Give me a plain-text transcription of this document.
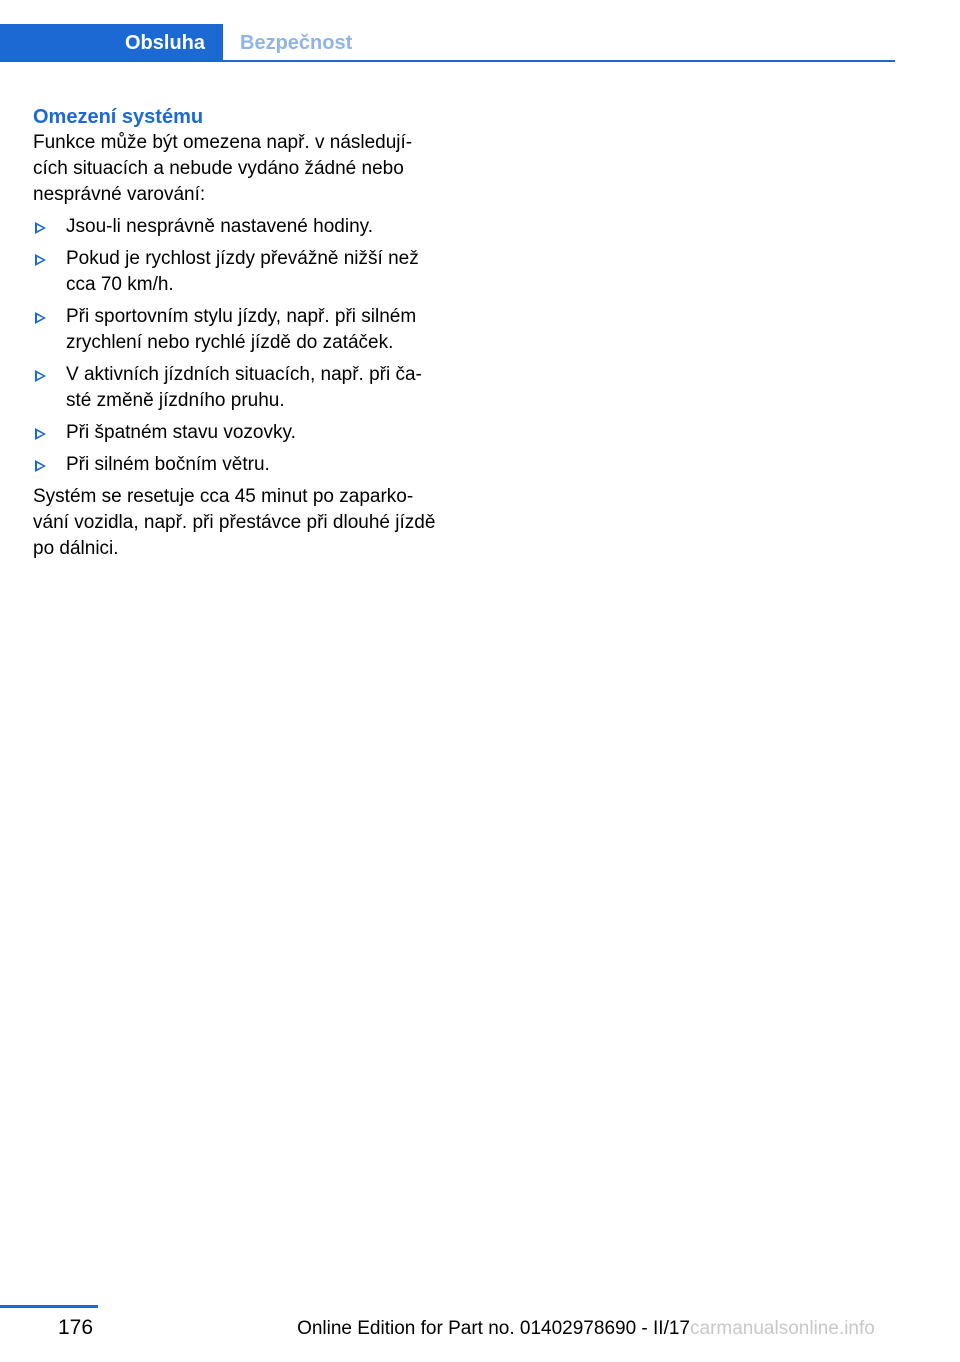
Obsluha Bezpečnost
Omezení systému

Funkce může být omezena např. v následují‐
cích situacích a nebude vydáno žádné nebo
nesprávné varování:

Jsou-li nesprávně nastavené hodiny.
Pokud je rychlost jízdy převážně nižší než
cca 70 km/h.
Při sportovním stylu jízdy, např. při silném
zrychlení nebo rychlé jízdě do zatáček.
V aktivních jízdních situacích, např. při ča‐
sté změně jízdního pruhu.
Při špatném stavu vozovky.
Při silném bočním větru.

Systém se resetuje cca 45 minut po zaparko‐
vání vozidla, např. při přestávce při dlouhé jízdě
po dálnici.

176	Online Edition for Part no. 01402978690 - II/17 carmanualsonline.info
